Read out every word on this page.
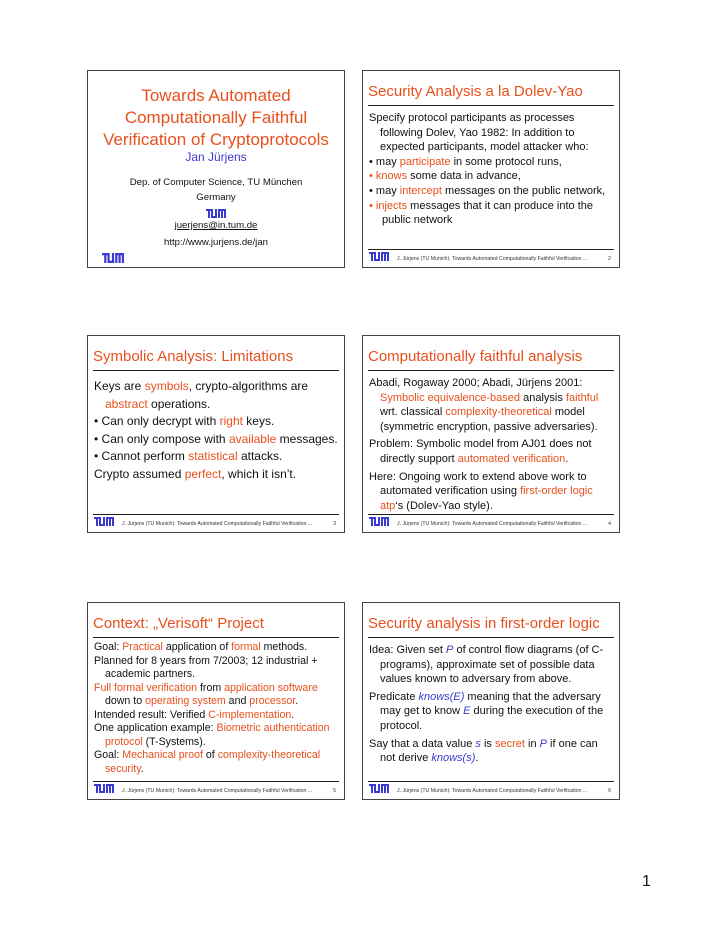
Towards Automated
Computationally Faithful
Verification of Cryptoprotocols
Jan Jürjens
Dep. of Computer Science, TU München
Germany
juerjens@in.tum.de
http://www.jurjens.de/jan
Security Analysis a la Dolev-Yao

Specify protocol participants as processes following Dolev, Yao 1982: In addition to expected participants, model attacker who:

• may participate in some protocol runs,

• knows some data in advance,

• may intercept messages on the public network,

• injects messages that it can produce into the public network

J. Jürjens (TU Munich): Towards Automated Computationally Faithful Verification ...	2
Symbolic Analysis: Limitations

Keys are symbols, crypto-algorithms are abstract operations.

• Can only decrypt with right keys.

• Can only compose with available messages.

• Cannot perform statistical attacks.

Crypto assumed perfect, which it isn’t.

J. Jürjens (TU Munich): Towards Automated Computationally Faithful Verification ...	3
Computationally faithful analysis

Abadi, Rogaway 2000; Abadi, Jürjens 2001: Symbolic equivalence-based analysis faithful wrt. classical complexity-theoretical model (symmetric encryption, passive adversaries).

Problem: Symbolic model from AJ01 does not directly support automated verification.

Here: Ongoing work to extend above work to automated verification using first-order logic atp‘s (Dolev-Yao style).

J. Jürjens (TU Munich): Towards Automated Computationally Faithful Verification ...	4
Context: „Verisoft“ Project

Goal: Practical application of formal methods.

Planned for 8 years from 7/2003; 12 industrial + academic partners.

Full formal verification from application software down to operating system and processor.

Intended result: Verified C-implementation.

One application example: Biometric authentication protocol (T-Systems).

Goal: Mechanical proof of complexity-theoretical security.

J. Jürjens (TU Munich): Towards Automated Computationally Faithful Verification ...	5
Security analysis in first-order logic

Idea: Given set P of control flow diagrams (of C-programs), approximate set of possible data values known to adversary from above.

Predicate knows(E) meaning that the adversary may get to know E during the execution of the protocol.

Say that a data value s is secret in P if one can not derive knows(s).

J. Jürjens (TU Munich): Towards Automated Computationally Faithful Verification ...	6
1
